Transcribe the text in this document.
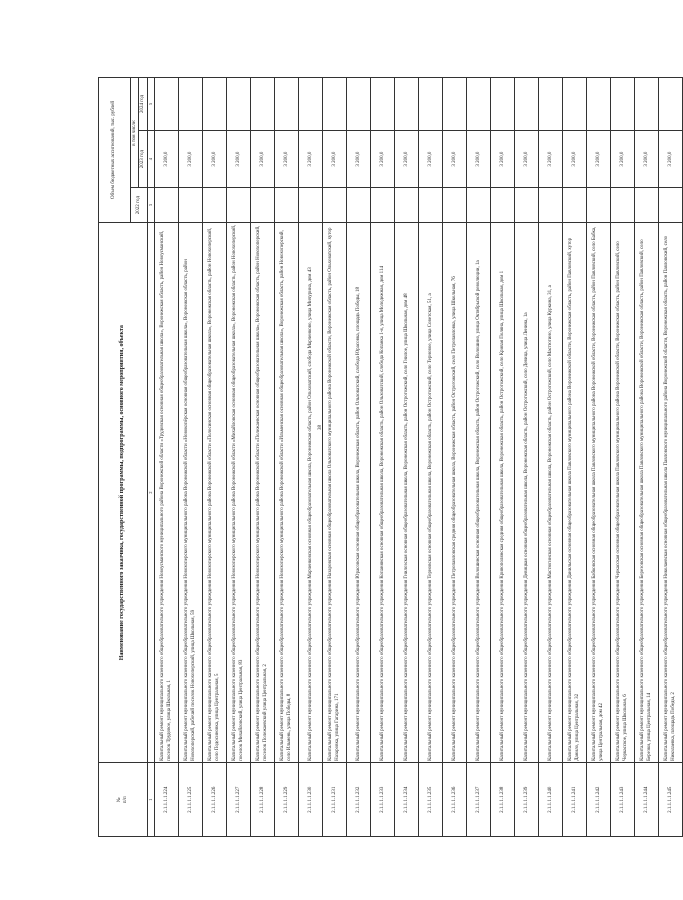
38
№
п/п	Наименование государственного заказчика, государственной программы, подпрограммы, основного мероприятия, объекта	Объем бюджетных ассигнований, тыс. рублей		
		2022 год	в том числе:	
			2023 год	2024 год
1	2	3	4	5
2.1.1.1.1.224	Капитальный ремонт муниципального казенного общеобразовательного учреждения Новоусманского муниципального района Воронежской области «Трудовская основная общеобразовательная школа», Воронежская область, район Новоусманский, поселок Трудовое, улица Школьная, 1		3 200,0	
2.1.1.1.1.225	Капитальный ремонт муниципального казенного общеобразовательного учреждения Новохоперского муниципального района Воронежской области «Новокопёрская основная общеобразовательная школа», Воронежская область, район Новохоперский, рабочий поселок Новохоперский, улица Школьная, 59		3 200,0	
2.1.1.1.1.226	Капитальный ремонт муниципального казенного общеобразовательного учреждения Новохоперского муниципального района Воронежской области «Полосинская основная общеобразовательная школа», Воронежская область, район Новохоперский, село Подосиновка, улица Центральная, 5		3 200,0	
2.1.1.1.1.227	Капитальный ремонт муниципального казенного общеобразовательного учреждения Новохоперского муниципального района Воронежской области «Михайловская основная общеобразовательная школа», Воронежская область, район Новохоперский, поселок Михайловский, улица Центральная, 83		3 200,0	
2.1.1.1.1.228	Капитальный ремонт муниципального казенного общеобразовательного учреждения Новохоперского муниципального района Воронежской области «Полежаевская основная общеобразовательная школа», Воронежская область, район Новохоперский, поселок Полежаевский улица Центральная, 2		3 200,0	
2.1.1.1.1.229	Капитальный ремонт муниципального казенного общеобразовательного учреждения Новохоперского муниципального района Воронежской области «Ильменская основная общеобразовательная школа», Воронежская область, район Новохоперский, село Ильмень, улица Победы, 8		3 200,0	
2.1.1.1.1.230	Капитальный ремонт муниципального казенного общеобразовательного учреждения Марченковская основная общеобразовательная школа, Воронежская область, район Ольховатский, слобода Марченково, улица Мичурина, дом 43		3 200,0	
2.1.1.1.1.231	Капитальный ремонт муниципального казенного общеобразовательного учреждения Назаровская основная общеобразовательная школа Ольховатского муниципального района Воронежской области, Воронежская область, район Ольховатский, хутор Назаровка, улица Гагарина, 171		3 200,0	
2.1.1.1.1.232	Капитальный ремонт муниципального казенного общеобразовательного учреждения Юрасовская основная общеобразовательная школа, Воронежская область, район Ольховатский, слобода Юрасовка, площадь Победы, 18		3 200,0	
2.1.1.1.1.233	Капитальный ремонт муниципального казенного общеобразовательного учреждения Копанянская основная общеобразовательная школа, Воронежская область, район Ольховатский, слобода Копанка 1-я, улица Молодежная, дом 114		3 200,0	
2.1.1.1.1.234	Капитальный ремонт муниципального казенного общеобразовательного учреждения Гнилозская основная общеобразовательная школа, Воронежская область, район Острогожский, село Гнилое, улица Школьная, дом 48		3 200,0	
2.1.1.1.1.235	Капитальный ремонт муниципального казенного общеобразовательного учреждения Терновская основная общеобразовательная школа, Воронежская область, район Острогожский, село Терновое, улица Советская, 51, а		3 200,0	
2.1.1.1.1.236	Капитальный ремонт муниципального казенного общеобразовательного учреждения Петропавловская средняя общеобразовательная школа, Воронежская область, район Острогожский, село Петропавловка, улица Школьная, 76		3 200,0	
2.1.1.1.1.237	Капитальный ремонт муниципального казенного общеобразовательного учреждения Волошинская основная общеобразовательная школа, Воронежская область, район Острогожский, село Волошино, улица Октябрьской революции, 1а		3 200,0	
2.1.1.1.1.238	Капитальный ремонт муниципального казенного общеобразовательного учреждения Кривополянская средняя общеобразовательная школа, Воронежская область, район Острогожский, село Кривая Поляна, улица Школьная, дом 1		3 200,0	
2.1.1.1.1.239	Капитальный ремонт муниципального казенного общеобразовательного учреждения Девицкая основная общеобразовательная школа, Воронежская область, район Острогожский, село Девица, улица Ленина, 1а		3 200,0	
2.1.1.1.1.240	Капитальный ремонт муниципального казенного общеобразовательного учреждения Мастюгинская основная общеобразовательная школа, Воронежская область, район Острогожский, село Мастюгино, улица Куркина, 31, а		3 200,0	
2.1.1.1.1.241	Капитальный ремонт муниципального казенного общеобразовательного учреждения Данильская основная общеобразовательная школа Павловского муниципального района Воронежской области, Воронежская область, район Павловский, хутор Данило, улица Центральная, 32		3 200,0	
2.1.1.1.1.242	Капитальный ремонт муниципального казенного общеобразовательного учреждения Бабковская основная общеобразовательная школа Павловского муниципального района Воронежской области, Воронежская область, район Павловский, село Бабка, улица Центральная, дом 42		3 200,0	
2.1.1.1.1.243	Капитальный ремонт муниципального казенного общеобразовательного учреждения Черкасская основная общеобразовательная школа Павловского муниципального района Воронежской области, Воронежская область, район Павловский, село Черкасское, улица Школьная, 6		3 200,0	
2.1.1.1.1.244	Капитальный ремонт муниципального казенного общеобразовательного учреждения Березовская основная общеобразовательная школа Павловского муниципального района Воронежской области, Воронежская область, район Павловский, село Березки, улица Центральная, 14		3 200,0	
2.1.1.1.1.245	Капитальный ремонт муниципального казенного общеобразовательного учреждения Николаевская основная общеобразовательная школа Павловского муниципального района Воронежской области, Воронежская область, район Павловский, село Николаевка, площадь Победы, 2		3 200,0	
